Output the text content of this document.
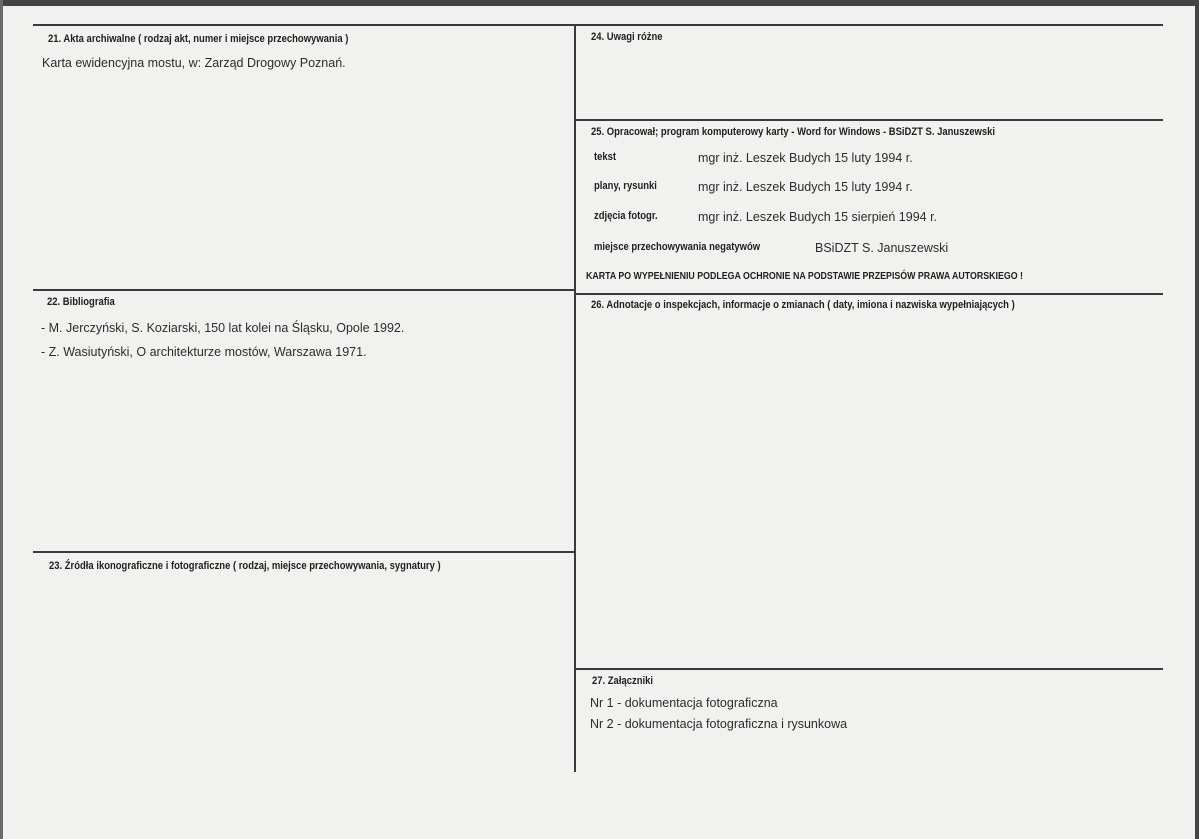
21. Akta archiwalne ( rodzaj akt, numer i miejsce przechowywania )
Karta ewidencyjna mostu, w: Zarząd Drogowy Poznań.
22. Bibliografia
- M. Jerczyński, S. Koziarski, 150 lat kolei na Śląsku, Opole 1992.
- Z. Wasiutyński, O architekturze mostów, Warszawa 1971.
23. Źródła ikonograficzne i fotograficzne ( rodzaj, miejsce przechowywania, sygnatury )
24. Uwagi różne
25. Opracował; program komputerowy karty - Word for Windows - BSiDZT S. Januszewski
tekst	mgr inż. Leszek Budych 15 luty 1994 r.
plany, rysunki	mgr inż. Leszek Budych 15 luty 1994 r.
zdjęcia fotogr.	mgr inż. Leszek Budych 15 sierpień 1994 r.
miejsce przechowywania negatywów	BSiDZT S. Januszewski
KARTA PO WYPEŁNIENIU PODLEGA OCHRONIE NA PODSTAWIE PRZEPISÓW PRAWA AUTORSKIEGO !
26. Adnotacje o inspekcjach, informacje o zmianach ( daty, imiona i nazwiska wypełniających )
27. Załączniki
Nr 1 - dokumentacja fotograficzna
Nr 2 - dokumentacja fotograficzna i rysunkowa
